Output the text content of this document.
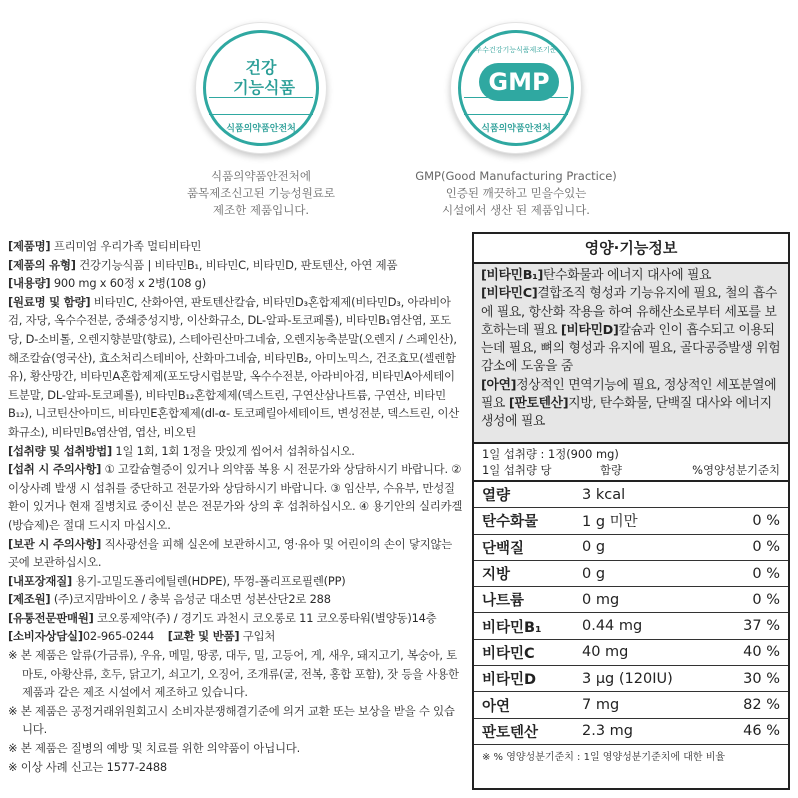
건강
기능식품
식품의약품안전처
식품의약품안전처에
품목제조신고된 기능성원료로
제조한 제품입니다.
우수건강기능식품제조기준
GMP
식품의약품안전처
GMP(Good Manufacturing Practice)
인증된 깨끗하고 믿을수있는
시설에서 생산 된 제품입니다.

[제품명] 프리미엄 우리가족 멀티비타민

[제품의 유형] 건강기능식품 | 비타민B₁, 비타민C, 비타민D, 판토텐산, 아연 제품

[내용량] 900 mg x 60정 x 2병(108 g)

[원료명 및 함량] 비타민C, 산화아연, 판토텐산칼슘, 비타민D₃혼합제제(비타민D₃, 아라비아검, 자당, 옥수수전분, 중쇄중성지방, 이산화규소, DL-알파-토코페롤), 비타민B₁염산염, 포도당, D-소비톨, 오렌지향분말(향료), 스테아린산마그네슘, 오렌지농축분말(오렌지 / 스페인산), 해조칼슘(영국산), 효소처리스테비아, 산화마그네슘, 비타민B₂, 아미노믹스, 건조효모(셀렌함유), 황산망간, 비타민A혼합제제(포도당시럽분말, 옥수수전분, 아라비아검, 비타민A아세테이트분말, DL-알파-토코페롤), 비타민B₁₂혼합제제(덱스트린, 구연산삼나트륨, 구연산, 비타민B₁₂), 니코틴산아미드, 비타민E혼합제제(dl-α- 토코페릴아세테이트, 변성전분, 덱스트린, 이산화규소), 비타민B₆염산염, 엽산, 비오틴

[섭취량 및 섭취방법] 1일 1회, 1회 1정을 맛있게 씹어서 섭취하십시오.

[섭취 시 주의사항] ① 고칼슘혈증이 있거나 의약품 복용 시 전문가와 상담하시기 바랍니다. ② 이상사례 발생 시 섭취를 중단하고 전문가와 상담하시기 바랍니다. ③ 임산부, 수유부, 만성질환이 있거나 현재 질병치료 중이신 분은 전문가와 상의 후 섭취하십시오. ④ 용기안의 실리카겔(방습제)은 절대 드시지 마십시오.

[보관 시 주의사항] 직사광선을 피해 실온에 보관하시고, 영·유아 및 어린이의 손이 닿지않는 곳에 보관하십시오.

[내포장재질] 용기-고밀도폴리에틸렌(HDPE), 뚜껑-폴리프로필렌(PP)

[제조원] (주)코지맘바이오 / 충북 음성군 대소면 성본산단2로 288

[유통전문판매원] 코오롱제약(주) / 경기도 과천시 코오롱로 11 코오롱타워(별양동)14층

[소비자상담실]02-965-0244 [교환 및 반품] 구입처

※ 본 제품은 알류(가금류), 우유, 메밀, 땅콩, 대두, 밀, 고등어, 게, 새우, 돼지고기, 복숭아, 토마토, 아황산류, 호두, 닭고기, 쇠고기, 오징어, 조개류(굴, 전복, 홍합 포함), 잣 등을 사용한 제품과 같은 제조 시설에서 제조하고 있습니다.

※ 본 제품은 공정거래위원회고시 소비자분쟁해결기준에 의거 교환 또는 보상을 받을 수 있습니다.

※ 본 제품은 질병의 예방 및 치료를 위한 의약품이 아닙니다.

※ 이상 사례 신고는 1577-2488

영양·기능정보
[비타민B₁]탄수화물과 에너지 대사에 필요
[비타민C]결합조직 형성과 기능유지에 필요, 철의 흡수에 필요, 항산화 작용을 하여 유해산소로부터 세포를 보호하는데 필요 [비타민D]칼슘과 인이 흡수되고 이용되는데 필요, 뼈의 형성과 유지에 필요, 골다공증발생 위험 감소에 도움을 줌
[아연]정상적인 면역기능에 필요, 정상적인 세포분열에 필요 [판토텐산]지방, 탄수화물, 단백질 대사와 에너지 생성에 필요
1일 섭취량 : 1정(900 mg)
1일 섭취량 당	함량	%영양성분기준치
열량	3 kcal
탄수화물	1 g 미만	0 %
단백질	0 g	0 %
지방	0 g	0 %
나트륨	0 mg	0 %
비타민B₁	0.44 mg	37 %
비타민C	40 mg	40 %
비타민D	3 μg (120IU)	30 %
아연	7 mg	82 %
판토텐산	2.3 mg	46 %
※ % 영양성분기준치 : 1일 영양성분기준치에 대한 비율
